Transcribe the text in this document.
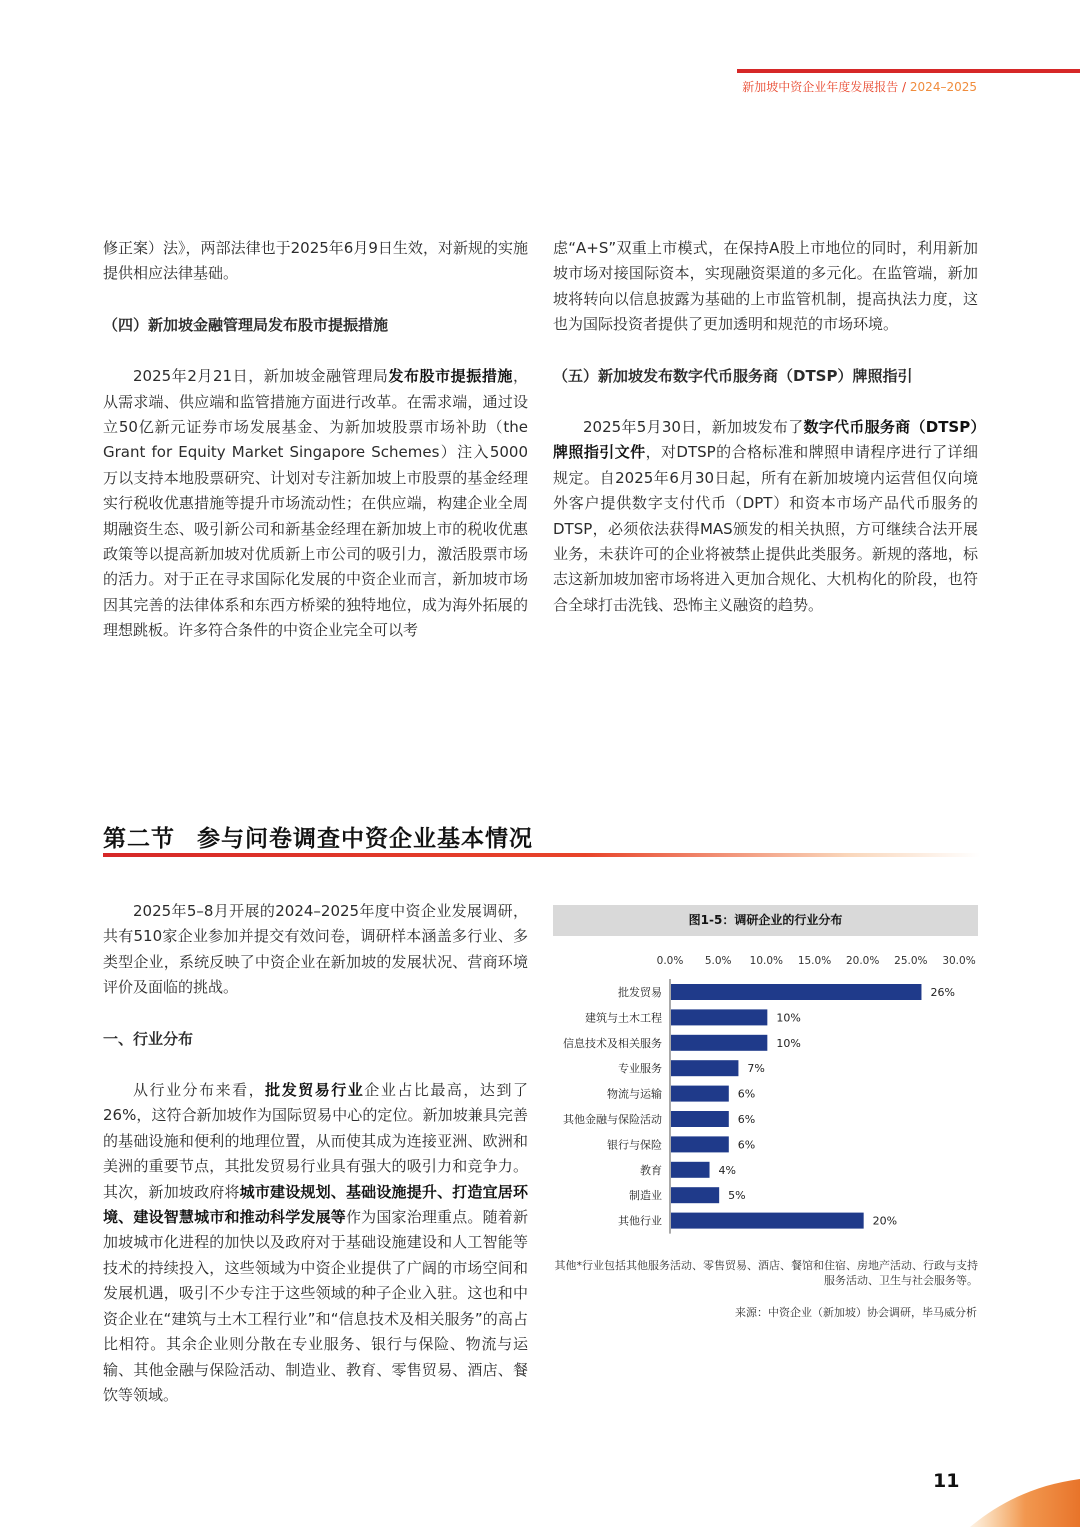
新加坡中资企业年度发展报告 / 2024–2025

修正案）法》，两部法律也于2025年6月9日生效，对新规的实施提供相应法律基础。

（四）新加坡金融管理局发布股市提振措施

2025年2月21日，新加坡金融管理局发布股市提振措施，从需求端、供应端和监管措施方面进行改革。在需求端，通过设立50亿新元证券市场发展基金、为新加坡股票市场补助（the Grant for Equity Market Singapore Schemes）注入5000万以支持本地股票研究、计划对专注新加坡上市股票的基金经理实行税收优惠措施等提升市场流动性；在供应端，构建企业全周期融资生态、吸引新公司和新基金经理在新加坡上市的税收优惠政策等以提高新加坡对优质新上市公司的吸引力，激活股票市场的活力。对于正在寻求国际化发展的中资企业而言，新加坡市场因其完善的法律体系和东西方桥梁的独特地位，成为海外拓展的理想跳板。许多符合条件的中资企业完全可以考

虑“A+S”双重上市模式，在保持A股上市地位的同时，利用新加坡市场对接国际资本，实现融资渠道的多元化。在监管端，新加坡将转向以信息披露为基础的上市监管机制，提高执法力度，这也为国际投资者提供了更加透明和规范的市场环境。

（五）新加坡发布数字代币服务商（DTSP）牌照指引

2025年5月30日，新加坡发布了数字代币服务商（DTSP）牌照指引文件，对DTSP的合格标准和牌照申请程序进行了详细规定。自2025年6月30日起，所有在新加坡境内运营但仅向境外客户提供数字支付代币（DPT）和资本市场产品代币服务的DTSP，必须依法获得MAS颁发的相关执照，方可继续合法开展业务，未获许可的企业将被禁止提供此类服务。新规的落地，标志这新加坡加密市场将进入更加合规化、大机构化的阶段，也符合全球打击洗钱、恐怖主义融资的趋势。

第二节 参与问卷调查中资企业基本情况

2025年5–8月开展的2024–2025年度中资企业发展调研，共有510家企业参加并提交有效问卷，调研样本涵盖多行业、多类型企业，系统反映了中资企业在新加坡的发展状况、营商环境评价及面临的挑战。

一、行业分布

从行业分布来看，批发贸易行业企业占比最高，达到了26%，这符合新加坡作为国际贸易中心的定位。新加坡兼具完善的基础设施和便利的地理位置，从而使其成为连接亚洲、欧洲和美洲的重要节点，其批发贸易行业具有强大的吸引力和竞争力。其次，新加坡政府将城市建设规划、基础设施提升、打造宜居环境、建设智慧城市和推动科学发展等作为国家治理重点。随着新加坡城市化进程的加快以及政府对于基础设施建设和人工智能等技术的持续投入，这些领域为中资企业提供了广阔的市场空间和发展机遇，吸引不少专注于这些领域的种子企业入驻。这也和中资企业在“建筑与土木工程行业”和“信息技术及相关服务”的高占比相符。其余企业则分散在专业服务、银行与保险、物流与运输、其他金融与保险活动、制造业、教育、零售贸易、酒店、餐饮等领域。

图1-5：调研企业的行业分布
0.0% 5.0% 10.0% 15.0% 20.0% 25.0% 30.0%
批发贸易	26%
建筑与土木工程	10%
信息技术及相关服务	10%
专业服务	7%
物流与运输	6%
其他金融与保险活动	6%
银行与保险	6%
教育	4%
制造业	5%
其他行业	20%
其他*行业包括其他服务活动、零售贸易、酒店、餐馆和住宿、房地产活动、行政与支持服务活动、卫生与社会服务等。
来源：中资企业（新加坡）协会调研，毕马威分析
11
